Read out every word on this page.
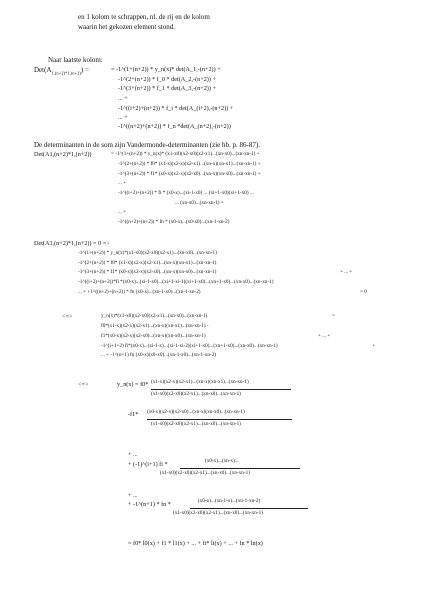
en 1 kolom te schrappen, nl. de rij en de kolom
waarin het gekozen element stond.
Naar laatste kolom:
$Det(A_{1,(n+2)*1,(n+2)})$ =	= -1^(1+(n+2)) * y_n(x)* det(A_1,-(n+2)) +
-1^(2+(n+2)) * f_0 * det(A_2,-(n+2)) +
-1^(3+(n+2)) * f_1 * det(A_3,-(n+2)) +
... +
-1^((i+2)+(n+2)) * f_i * det(A_(i+2),-(n+2)) +
... +
-1^((n+2)+(n+2)) * f_n *det(A_(n+2),-(n+2))
De determinanten in de som zijn Vandermonde-determinanten (zie hb. p. 86-87).
Det(A1,(n+2)*1,(n+2))	= -1^(1+(n+2)) * y_n(x)* (x1-x0)(x2-x0)(x2-x1)...(xn-x0)...(xn-xn-1) +
-1^(2+(n+2)) * f0* (x1-x)(x2-x)(x2-x1)...(xn-x)(xn-x1)...(xn-xn-1) +
-1^(3+(n+2)) * f1* (x0-x)(x2-x)(x2-x0)...(xn-x)(xn-x0)...(xn-xn-1) +
... +
-1^((i+2)+(n+2)) * fi * (x0-x)...(xi-1-x0) ... (xi+1-x0)(xi+1-x0) ...
... (xn-x0)...(xn-xn-1) +
... +
-1^((n+2)+(n+2)) * fn * (x0-x)...(x0-x0)...(xn-1-xn-2)
Det(A1,(n+2)*1,(n+2)) = 0 =>
-1^(1+(n+2)) * y_n(x)*(x1-x0)(x2-x0)(x2-x1)...(xn-x0)...(xn-xn-1)
-1^(2+(n+2)) * f0* (x1-x)(x2-x)(x2-x1)...(xn-x)(xn-x1)...(xn-xn-1)
-1^(3+(n+2)) * f1* (x0-x)(x2-x)(x2-x0)...(xn-x)(xn-x0)...(xn-xn-1)	+ ... +
-1^((i+2)+(n+2))*fi *(x0-x)...(xi-1-x0)...(xi+1-xi-1)(xi+1-x0)...(xn+1-x0)...(xn-x0)...(xn-xn-1)
... + +1^((n+2)+(n+2)) * fn (x0-x)...(xn-1-x0)...(xn-1-xn-2)	= 0
<=>	y_n(x)*(x1-x0)(x2-x0)(x2-x1)...(xn-x0)...(xn-xn-1)	=
f0*(x1-x)(x2-x)(x2-x1)...(xn-x)(xn-x1)...(xn-xn-1) -
f1*(x0-x)(x2-x)(x2-x0)...(xn-x)(xn-x0)...(xn-xn-1)	+ ... +
-1^(i+1+2) fi*(x0-x)...(xi-1-x)...(xi-1-xi-2)(xi+1-x0)...(xn+1-x0)...(xn-x0)...(xn-xn-1)	+
... + -1^(n+1) fn (x0-x)(x0-x0)...(xn-1-x0)...(xn-1-xn-2)
<=>	y_n(x) = f0* (x1-x)(x2-x)(x2-x1)...(xn-x)(xn-x1)...(xn-xn-1)
(x1-x0)(x2-x0)(x2-x1)...(xn-x0)...(xn-xn-1)
-f1* (x0-x)(x2-x)(x2-x0)...(xn-x)(xn-x0)...(xn-xn-1)
(x1-x0)(x2-x0)(x2-x1)...(xn-x0)...(xn-xn-1)
+ ...
+ (-1)^(i+1) fi *	(x0-x)...(xn-x)...
(x1-x0)(x2-x0)(x2-x1)...(xn-x0)...(xn-xn-1)
+ ...
+ -1^(n+1) * fn *	(x0-x)...(xn-1-x)...(xn-1-xn-2)
(x1-x0)(x2-x0)(x2-x1)...(xn-x0)...(xn-xn-1)
= f0* l0(x) + f1 * l1(x) + ... + fi* li(x) + ... + fn * ln(x)
